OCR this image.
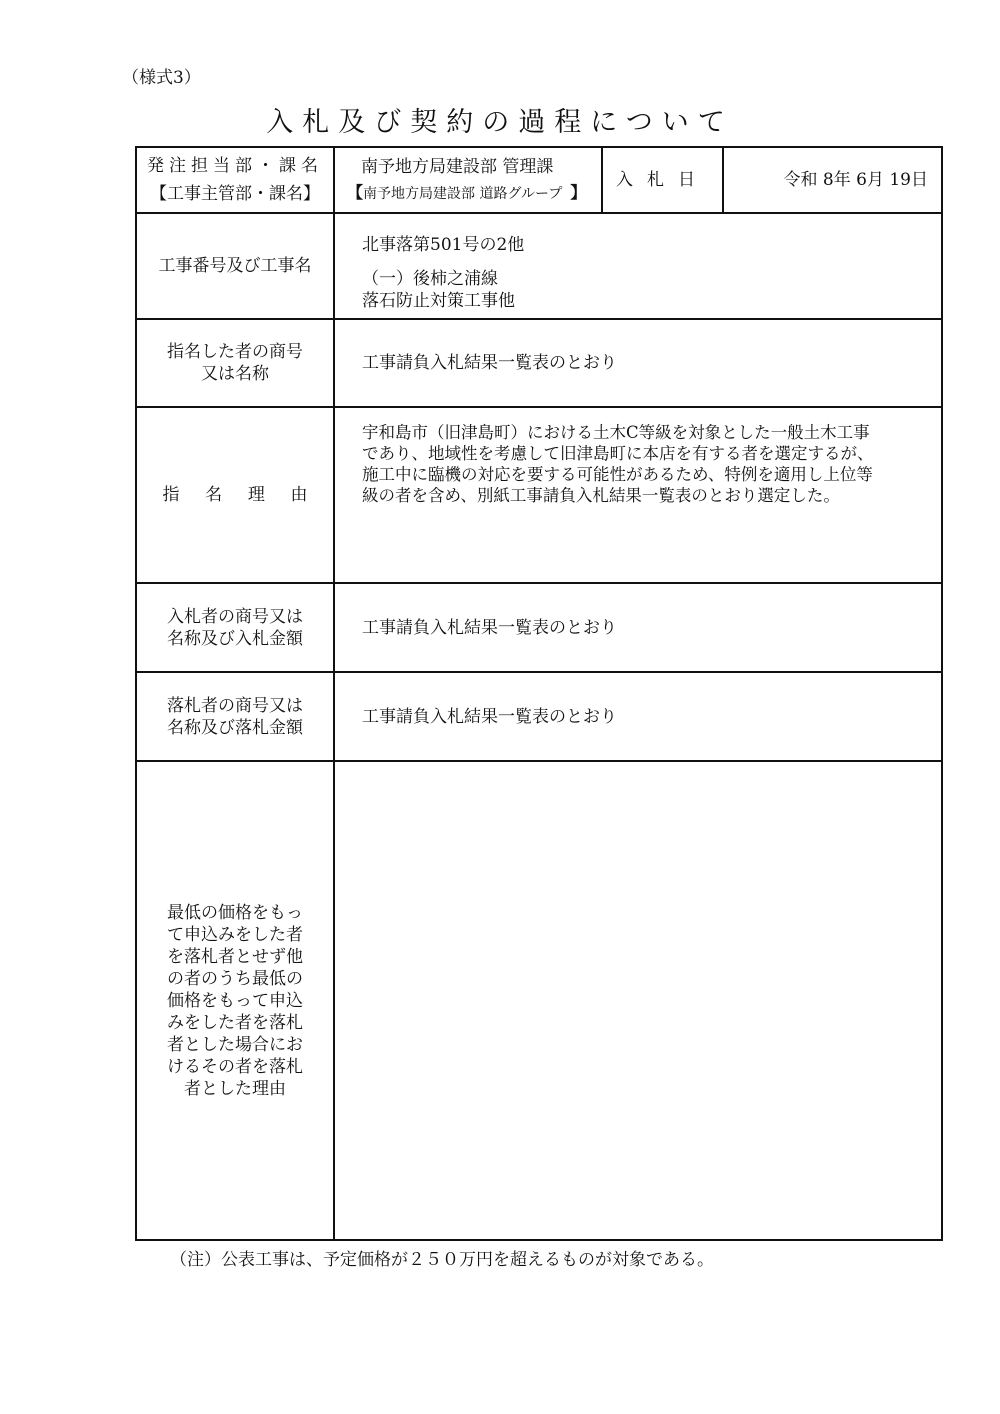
（様式3）
入札及び契約の過程について
発注担当部・課名
【工事主管部・課名】
南予地方局建設部 管理課
【南予地方局建設部 道路グループ 】
入札日	令和 8年 6月 19日
工事番号及び工事名
北事落第501号の2他
（一）後柿之浦線
落石防止対策工事他
指名した者の商号
又は名称
工事請負入札結果一覧表のとおり
指 名 理 由
宇和島市（旧津島町）における土木C等級を対象とした一般土木工事
であり、地域性を考慮して旧津島町に本店を有する者を選定するが、
施工中に臨機の対応を要する可能性があるため、特例を適用し上位等
級の者を含め、別紙工事請負入札結果一覧表のとおり選定した。
入札者の商号又は
名称及び入札金額
工事請負入札結果一覧表のとおり
落札者の商号又は
名称及び落札金額
工事請負入札結果一覧表のとおり
最低の価格をもっ
て申込みをした者
を落札者とせず他
の者のうち最低の
価格をもって申込
みをした者を落札
者とした場合にお
けるその者を落札
者とした理由
（注）公表工事は、予定価格が２５０万円を超えるものが対象である。
